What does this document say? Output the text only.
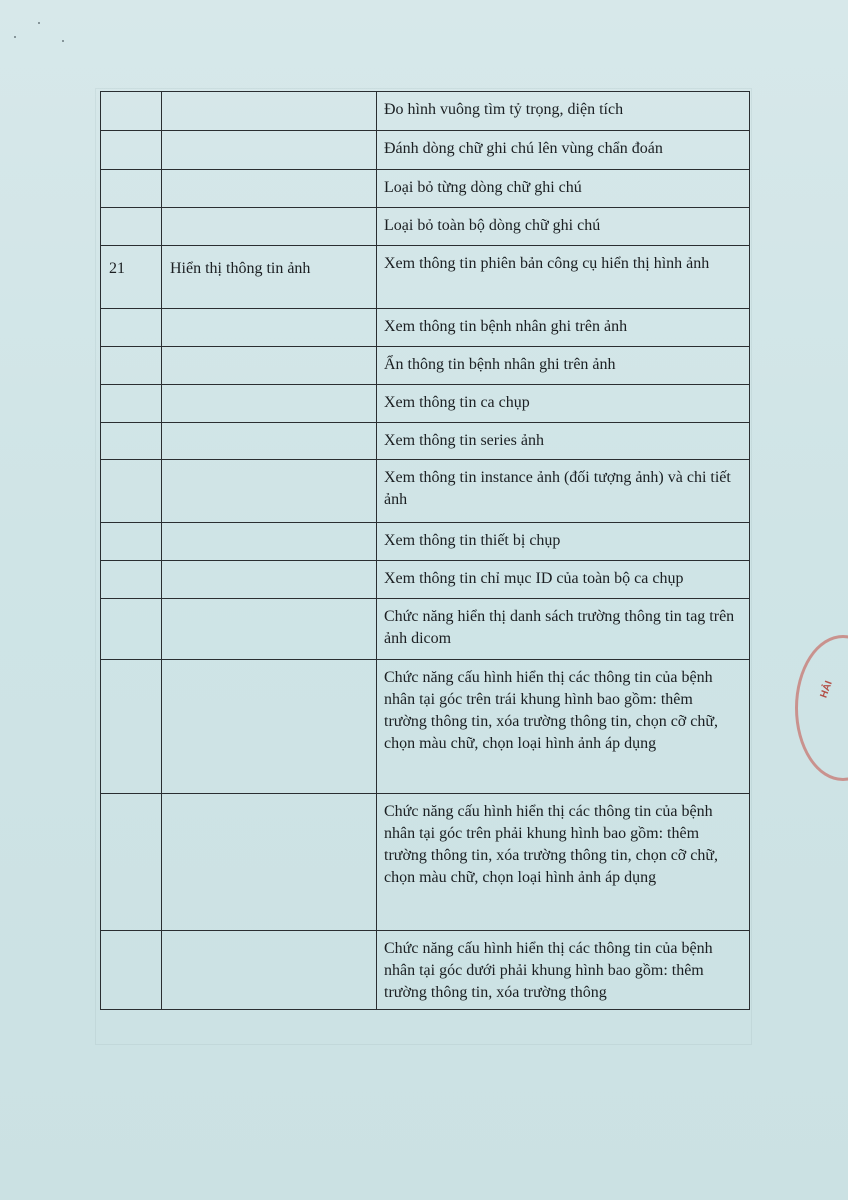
		Đo hình vuông tìm tỷ trọng, diện tích

		Đánh dòng chữ ghi chú lên vùng chẩn đoán

		Loại bỏ từng dòng chữ ghi chú

		Loại bỏ toàn bộ dòng chữ ghi chú

21	Hiển thị thông tin ảnh	Xem thông tin phiên bản công cụ hiển thị hình ảnh

		Xem thông tin bệnh nhân ghi trên ảnh

		Ẩn thông tin bệnh nhân ghi trên ảnh

		Xem thông tin ca chụp

		Xem thông tin series ảnh

		Xem thông tin instance ảnh (đối tượng ảnh) và chi tiết ảnh

		Xem thông tin thiết bị chụp

		Xem thông tin chỉ mục ID của toàn bộ ca chụp

		Chức năng hiển thị danh sách trường thông tin tag trên ảnh dicom

		Chức năng cấu hình hiển thị các thông tin của bệnh nhân tại góc trên trái khung hình bao gồm: thêm trường thông tin, xóa trường thông tin, chọn cỡ chữ, chọn màu chữ, chọn loại hình ảnh áp dụng

		Chức năng cấu hình hiển thị các thông tin của bệnh nhân tại góc trên phải khung hình bao gồm: thêm trường thông tin, xóa trường thông tin, chọn cỡ chữ, chọn màu chữ, chọn loại hình ảnh áp dụng

		Chức năng cấu hình hiển thị các thông tin của bệnh nhân tại góc dưới phải khung hình bao gồm: thêm trường thông tin, xóa trường thông
HẢI
